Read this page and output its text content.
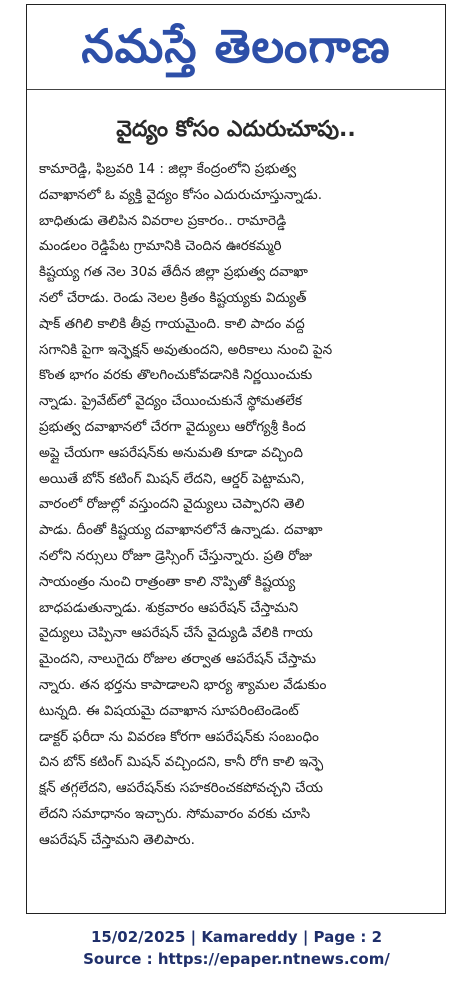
నమస్తే తెలంగాణ
వైద్యం కోసం ఎదురుచూపు..
కామారెడ్డి, ఫిబ్రవరి 14 : జిల్లా కేంద్రంలోని ప్రభుత్వ
దవాఖానలో ఓ వ్యక్తి వైద్యం కోసం ఎదురుచూస్తున్నాడు.
బాధితుడు తెలిపిన వివరాల ప్రకారం.. రామారెడ్డి
మండలం రెడ్డిపేట గ్రామానికి చెందిన ఊరకమ్మరి
కిష్టయ్య గత నెల 30వ తేదీన జిల్లా ప్రభుత్వ దవాఖా
నలో చేరాడు. రెండు నెలల క్రితం కిష్టయ్యకు విద్యుత్
షాక్ తగిలి కాలికి తీవ్ర గాయమైంది. కాలి పాదం వద్ద
సగానికి పైగా ఇన్ఫెక్షన్ అవుతుందని, అరికాలు నుంచి పైన
కొంత భాగం వరకు తొలగించుకోవడానికి నిర్ణయించుకు
న్నాడు. ప్రైవేట్‌లో వైద్యం చేయించుకునే స్థోమతలేక
ప్రభుత్వ దవాఖానలో చేరగా వైద్యులు ఆరోగ్యశ్రీ కింద
అప్లై చేయగా ఆపరేషన్‌కు అనుమతి కూడా వచ్చింది
అయితే బోన్ కటింగ్ మిషన్ లేదని, ఆర్డర్ పెట్టామని,
వారంలో రోజుల్లో వస్తుందని వైద్యులు చెప్పారని తెలి
పాడు. దీంతో కిష్టయ్య దవాఖానలోనే ఉన్నాడు. దవాఖా
నలోని నర్సులు రోజూ డ్రెస్సింగ్ చేస్తున్నారు. ప్రతి రోజు
సాయంత్రం నుంచి రాత్రంతా కాలి నొప్పితో కిష్టయ్య
బాధపడుతున్నాడు. శుక్రవారం ఆపరేషన్ చేస్తామని
వైద్యులు చెప్పినా ఆపరేషన్ చేసే వైద్యుడి వేలికి గాయ
మైందని, నాలుగైదు రోజుల తర్వాత ఆపరేషన్ చేస్తామ
న్నారు. తన భర్తను కాపాడాలని భార్య శ్యామల వేడుకుం
టున్నది. ఈ విషయమై దవాఖాన సూపరింటెండెంట్
డాక్టర్ ఫరీదా ను వివరణ కోరగా ఆపరేషన్‌కు సంబంధిం
చిన బోన్ కటింగ్ మిషన్ వచ్చిందని, కానీ రోగి కాలి ఇన్ఫె
క్షన్ తగ్గలేదని, ఆపరేషన్‌కు సహకరించకపోవచ్చని చేయ
లేదని సమాధానం ఇచ్చారు. సోమవారం వరకు చూసి
ఆపరేషన్ చేస్తామని తెలిపారు.
15/02/2025 | Kamareddy | Page : 2
Source : https://epaper.ntnews.com/
